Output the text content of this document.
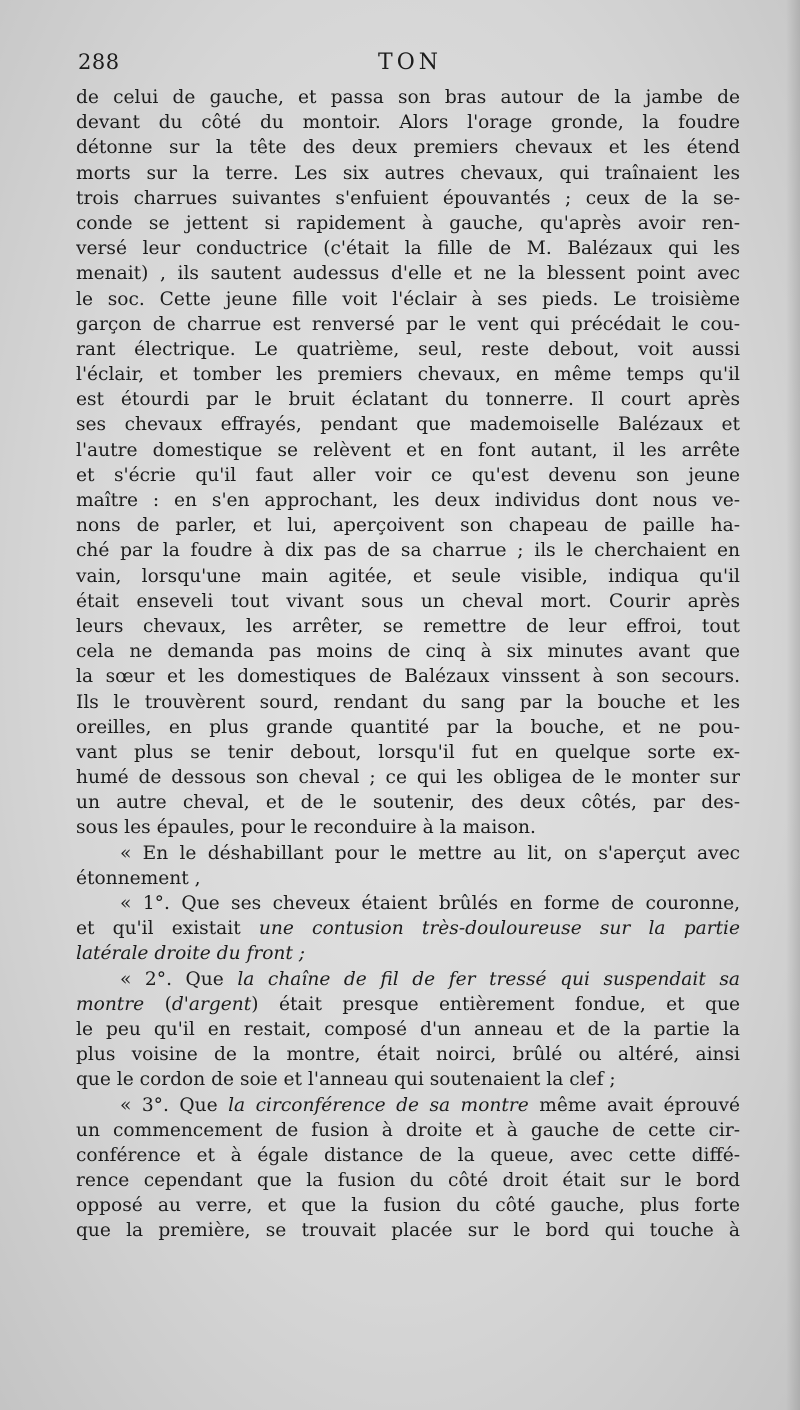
288	TON
de celui de gauche, et passa son bras autour de la jambe de
devant du côté du montoir. Alors l'orage gronde, la foudre
détonne sur la tête des deux premiers chevaux et les étend
morts sur la terre. Les six autres chevaux, qui traînaient les
trois charrues suivantes s'enfuient épouvantés ; ceux de la se-
conde se jettent si rapidement à gauche, qu'après avoir ren-
versé leur conductrice (c'était la fille de M. Balézaux qui les
menait) , ils sautent audessus d'elle et ne la blessent point avec
le soc. Cette jeune fille voit l'éclair à ses pieds. Le troisième
garçon de charrue est renversé par le vent qui précédait le cou-
rant électrique. Le quatrième, seul, reste debout, voit aussi
l'éclair, et tomber les premiers chevaux, en même temps qu'il
est étourdi par le bruit éclatant du tonnerre. Il court après
ses chevaux effrayés, pendant que mademoiselle Balézaux et
l'autre domestique se relèvent et en font autant, il les arrête
et s'écrie qu'il faut aller voir ce qu'est devenu son jeune
maître : en s'en approchant, les deux individus dont nous ve-
nons de parler, et lui, aperçoivent son chapeau de paille ha-
ché par la foudre à dix pas de sa charrue ; ils le cherchaient en
vain, lorsqu'une main agitée, et seule visible, indiqua qu'il
était enseveli tout vivant sous un cheval mort. Courir après
leurs chevaux, les arrêter, se remettre de leur effroi, tout
cela ne demanda pas moins de cinq à six minutes avant que
la sœur et les domestiques de Balézaux vinssent à son secours.
Ils le trouvèrent sourd, rendant du sang par la bouche et les
oreilles, en plus grande quantité par la bouche, et ne pou-
vant plus se tenir debout, lorsqu'il fut en quelque sorte ex-
humé de dessous son cheval ; ce qui les obligea de le monter sur
un autre cheval, et de le soutenir, des deux côtés, par des-
sous les épaules, pour le reconduire à la maison.
« En le déshabillant pour le mettre au lit, on s'aperçut avec
étonnement ,
« 1°. Que ses cheveux étaient brûlés en forme de couronne,
et qu'il existait une contusion très-douloureuse sur la partie
latérale droite du front ;
« 2°. Que la chaîne de fil de fer tressé qui suspendait sa
montre (d'argent) était presque entièrement fondue, et que
le peu qu'il en restait, composé d'un anneau et de la partie la
plus voisine de la montre, était noirci, brûlé ou altéré, ainsi
que le cordon de soie et l'anneau qui soutenaient la clef ;
« 3°. Que la circonférence de sa montre même avait éprouvé
un commencement de fusion à droite et à gauche de cette cir-
conférence et à égale distance de la queue, avec cette diffé-
rence cependant que la fusion du côté droit était sur le bord
opposé au verre, et que la fusion du côté gauche, plus forte
que la première, se trouvait placée sur le bord qui touche à
